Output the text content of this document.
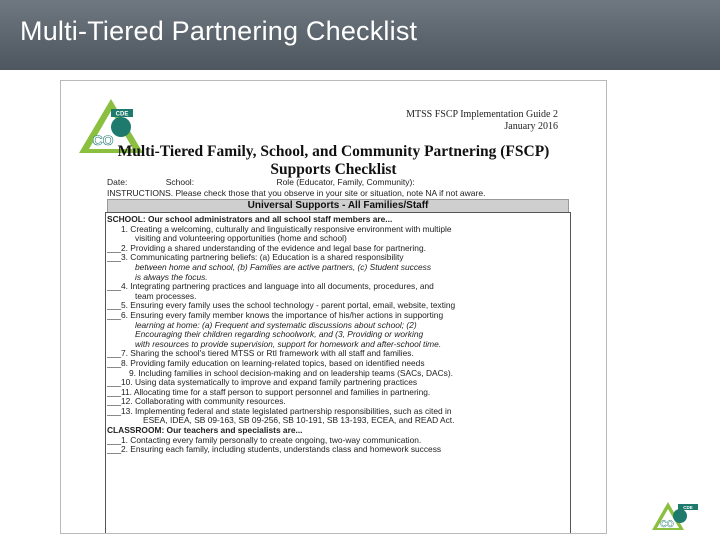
Multi-Tiered Partnering Checklist
CDE
CO
MTSS FSCP Implementation Guide 2
January 2016
Multi-Tiered Family, School, and Community Partnering (FSCP)
Supports Checklist
Date:	School:	Role (Educator, Family, Community):
INSTRUCTIONS. Please check those that you observe in your site or situation, note NA if not aware.
Universal Supports - All Families/Staff
SCHOOL: Our school administrators and all school staff members are...
1. Creating a welcoming, culturally and linguistically responsive environment with multiple
visiting and volunteering opportunities (home and school)
___2. Providing a shared understanding of the evidence and legal base for partnering.
___3. Communicating partnering beliefs: (a) Education is a shared responsibility
between home and school, (b) Families are active partners, (c) Student success
is always the focus.
___4. Integrating partnering practices and language into all documents, procedures, and
team processes.
___5. Ensuring every family uses the school technology - parent portal, email, website, texting
___6. Ensuring every family member knows the importance of his/her actions in supporting
learning at home: (a) Frequent and systematic discussions about school; (2)
Encouraging their children regarding schoolwork, and (3, Providing or working
with resources to provide supervision, support for homework and after-school time.
___7. Sharing the school's tiered MTSS or RtI framework with all staff and families.
___8. Providing family education on learning-related topics, based on identified needs
9. Including families in school decision-making and on leadership teams (SACs, DACs).
___10. Using data systematically to improve and expand family partnering practices
___11. Allocating time for a staff person to support personnel and families in partnering.
___12. Collaborating with community resources.
___13. Implementing federal and state legislated partnership responsibilities, such as cited in
ESEA, IDEA, SB 09-163, SB 09-256, SB 10-191, SB 13-193, ECEA, and READ Act.
CLASSROOM: Our teachers and specialists are...
___1. Contacting every family personally to create ongoing, two-way communication.
___2. Ensuring each family, including students, understands class and homework success
CDE
CO
